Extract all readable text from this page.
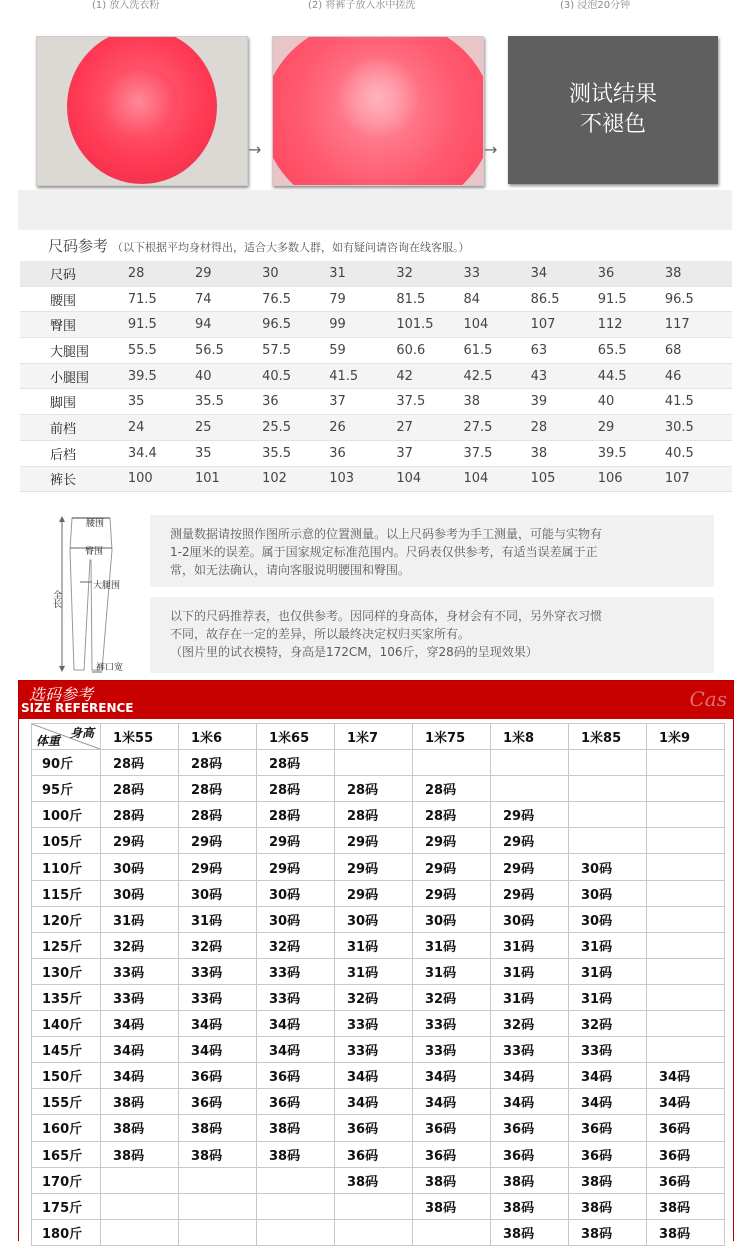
(1) 放入洗衣粉	(2) 将裤子放入水中搓洗	(3) 浸泡20分钟
→	→
测试结果
不褪色
尺码参考 （以下根据平均身材得出，适合大多数人群，如有疑问请咨询在线客服。）
尺码	28	29	30	31	32	33	34	36	38
腰围	71.5	74	76.5	79	81.5	84	86.5	91.5	96.5
臀围	91.5	94	96.5	99	101.5	104	107	112	117
大腿围	55.5	56.5	57.5	59	60.6	61.5	63	65.5	68
小腿围	39.5	40	40.5	41.5	42	42.5	43	44.5	46
脚围	35	35.5	36	37	37.5	38	39	40	41.5
前档	24	25	25.5	26	27	27.5	28	29	30.5
后档	34.4	35	35.5	36	37	37.5	38	39.5	40.5
裤长	100	101	102	103	104	104	105	106	107
腰围
臀围
大腿围
全长
裤口宽
测量数据请按照作图所示意的位置测量。以上尺码参考为手工测量，可能与实物有
1-2厘米的误差。属于国家规定标准范围内。尺码表仅供参考，有适当误差属于正
常，如无法确认，请向客服说明腰围和臀围。
以下的尺码推荐表，也仅供参考。因同样的身高体，身材会有不同，另外穿衣习惯
不同，故存在一定的差异，所以最终决定权归买家所有。
（图片里的试衣模特，身高是172CM，106斤，穿28码的呈现效果）
选码参考
SIZE REFERENCE	Cas
身高
体重	1米55	1米6	1米65	1米7	1米75	1米8	1米85	1米9
90斤	28码	28码	28码					
95斤	28码	28码	28码	28码	28码			
100斤	28码	28码	28码	28码	28码	29码		
105斤	29码	29码	29码	29码	29码	29码		
110斤	30码	29码	29码	29码	29码	29码	30码	
115斤	30码	30码	30码	29码	29码	29码	30码	
120斤	31码	31码	30码	30码	30码	30码	30码	
125斤	32码	32码	32码	31码	31码	31码	31码	
130斤	33码	33码	33码	31码	31码	31码	31码	
135斤	33码	33码	33码	32码	32码	31码	31码	
140斤	34码	34码	34码	33码	33码	32码	32码	
145斤	34码	34码	34码	33码	33码	33码	33码	
150斤	34码	36码	36码	34码	34码	34码	34码	34码
155斤	38码	36码	36码	34码	34码	34码	34码	34码
160斤	38码	38码	38码	36码	36码	36码	36码	36码
165斤	38码	38码	38码	36码	36码	36码	36码	36码
170斤				38码	38码	38码	38码	36码
175斤					38码	38码	38码	38码
180斤						38码	38码	38码
